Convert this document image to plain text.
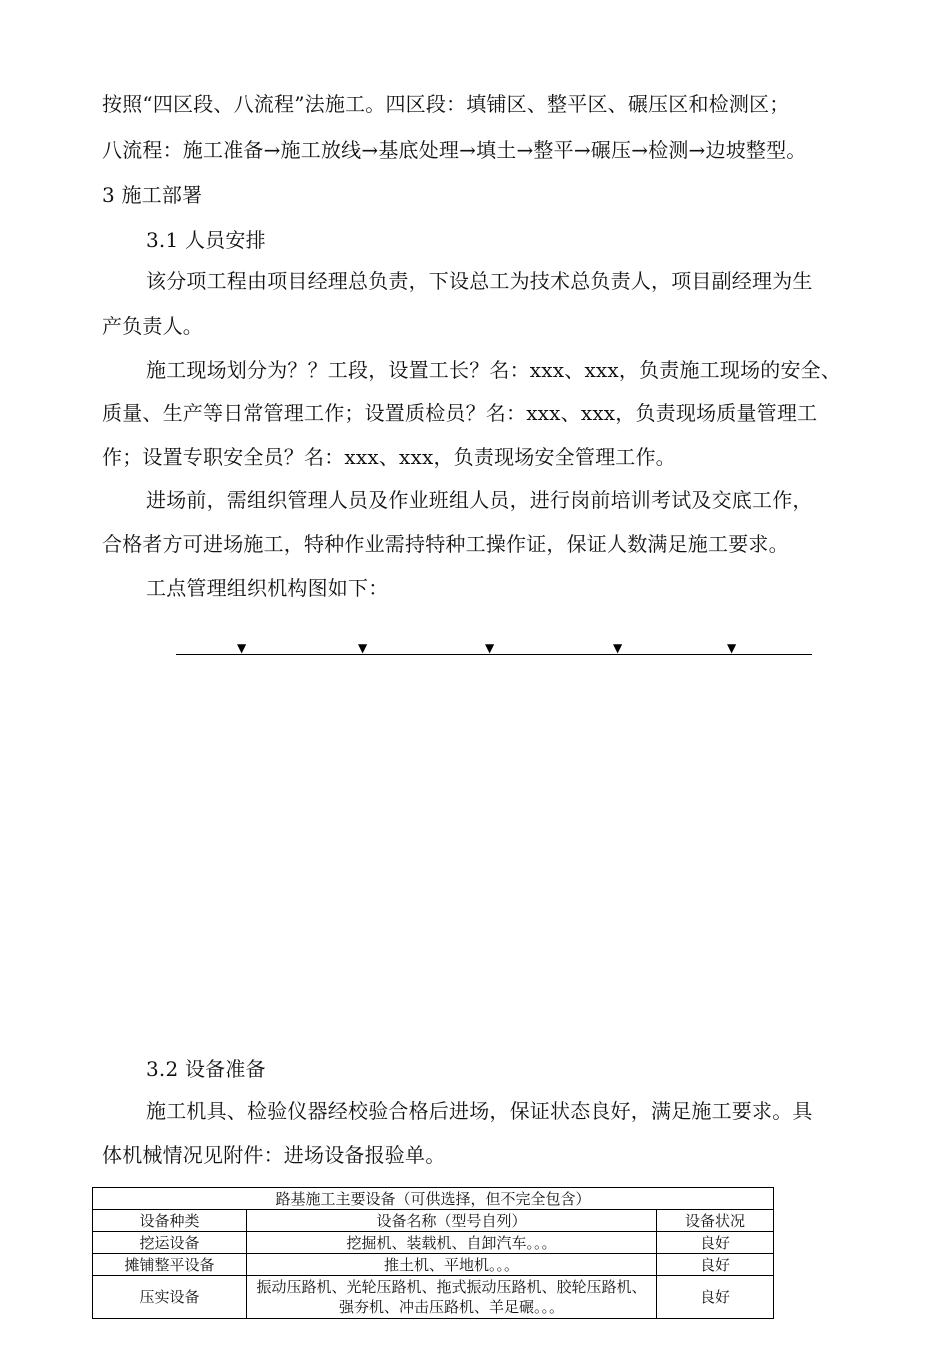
按照“四区段、八流程”法施工。四区段：填铺区、整平区、碾压区和检测区；
八流程：施工准备→施工放线→基底处理→填土→整平→碾压→检测→边坡整型。
3 施工部署
3.1 人员安排
该分项工程由项目经理总负责，下设总工为技术总负责人，项目副经理为生
产负责人。
施工现场划分为？？工段，设置工长？名：xxx、xxx，负责施工现场的安全、
质量、生产等日常管理工作；设置质检员？名：xxx、xxx，负责现场质量管理工
作；设置专职安全员？名：xxx、xxx，负责现场安全管理工作。
进场前，需组织管理人员及作业班组人员，进行岗前培训考试及交底工作，
合格者方可进场施工，特种作业需持特种工操作证，保证人数满足施工要求。
工点管理组织机构图如下：
▼	▼	▼	▼	▼
3.2 设备准备
施工机具、检验仪器经校验合格后进场，保证状态良好，满足施工要求。具
体机械情况见附件：进场设备报验单。
路基施工主要设备（可供选择，但不完全包含）		
设备种类	设备名称（型号自列）	设备状况
挖运设备	挖掘机、装载机、自卸汽车。。。	良好
摊铺整平设备	推土机、平地机。。。	良好
压实设备	振动压路机、光轮压路机、拖式振动压路机、胶轮压路机、强夯机、冲击压路机、羊足碾。。。	良好
